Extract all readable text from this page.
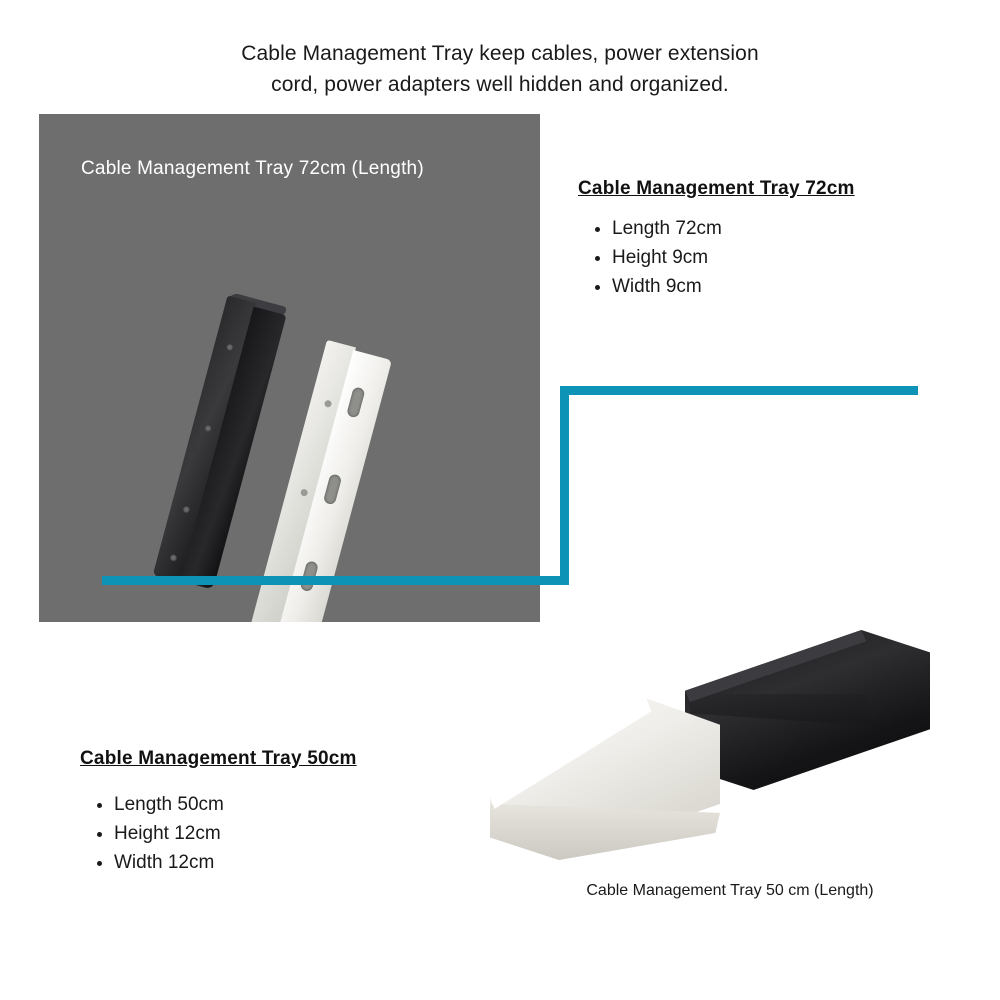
Cable Management Tray keep cables, power extension
cord, power adapters well hidden and organized.
Cable Management Tray 72cm (Length)
Cable Management Tray 72cm
• Length 72cm
• Height 9cm
• Width 9cm
Cable Management Tray 50cm
• Length 50cm
• Height 12cm
• Width 12cm
Cable Management Tray 50 cm (Length)
